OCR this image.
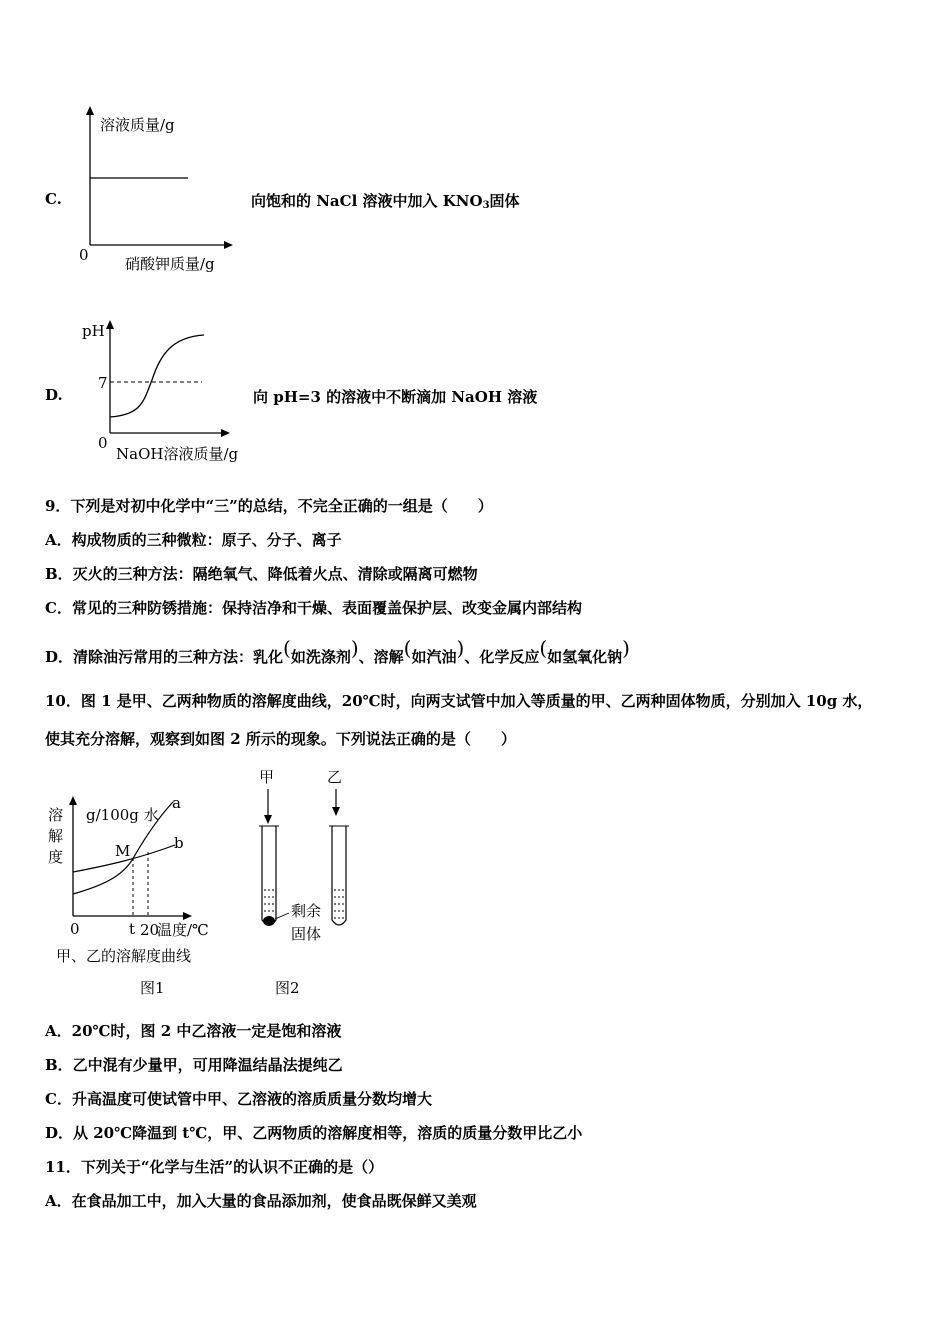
C.
溶液质量/g
0 硝酸钾质量/g
向饱和的 NaCl 溶液中加入 $KNO_3$固体
D.
pH
7
0
NaOH溶液质量/g
向 pH=3 的溶液中不断滴加 NaOH 溶液
9．下列是对初中化学中“三”的总结，不完全正确的一组是（　　）
A．构成物质的三种微粒：原子、分子、离子
B．灭火的三种方法：隔绝氧气、降低着火点、清除或隔离可燃物
C．常见的三种防锈措施：保持洁净和干燥、表面覆盖保护层、改变金属内部结构
D．清除油污常用的三种方法：乳化(如洗涤剂)、溶解(如汽油)、化学反应(如氢氧化钠)
10．图 1 是甲、乙两种物质的溶解度曲线，20℃时，向两支试管中加入等质量的甲、乙两种固体物质，分别加入 10g 水，
使其充分溶解，观察到如图 2 所示的现象。下列说法正确的是（　　）
溶
解
度
g/100g 水
a
b
M
0	t 20
温度/℃
甲、乙的溶解度曲线
图1
甲	乙
剩余
固体
图2
A．20℃时，图 2 中乙溶液一定是饱和溶液
B．乙中混有少量甲，可用降温结晶法提纯乙
C．升高温度可使试管中甲、乙溶液的溶质质量分数均增大
D．从 20℃降温到 t℃，甲、乙两物质的溶解度相等，溶质的质量分数甲比乙小
11．下列关于“化学与生活”的认识不正确的是（）
A．在食品加工中，加入大量的食品添加剂，使食品既保鲜又美观
